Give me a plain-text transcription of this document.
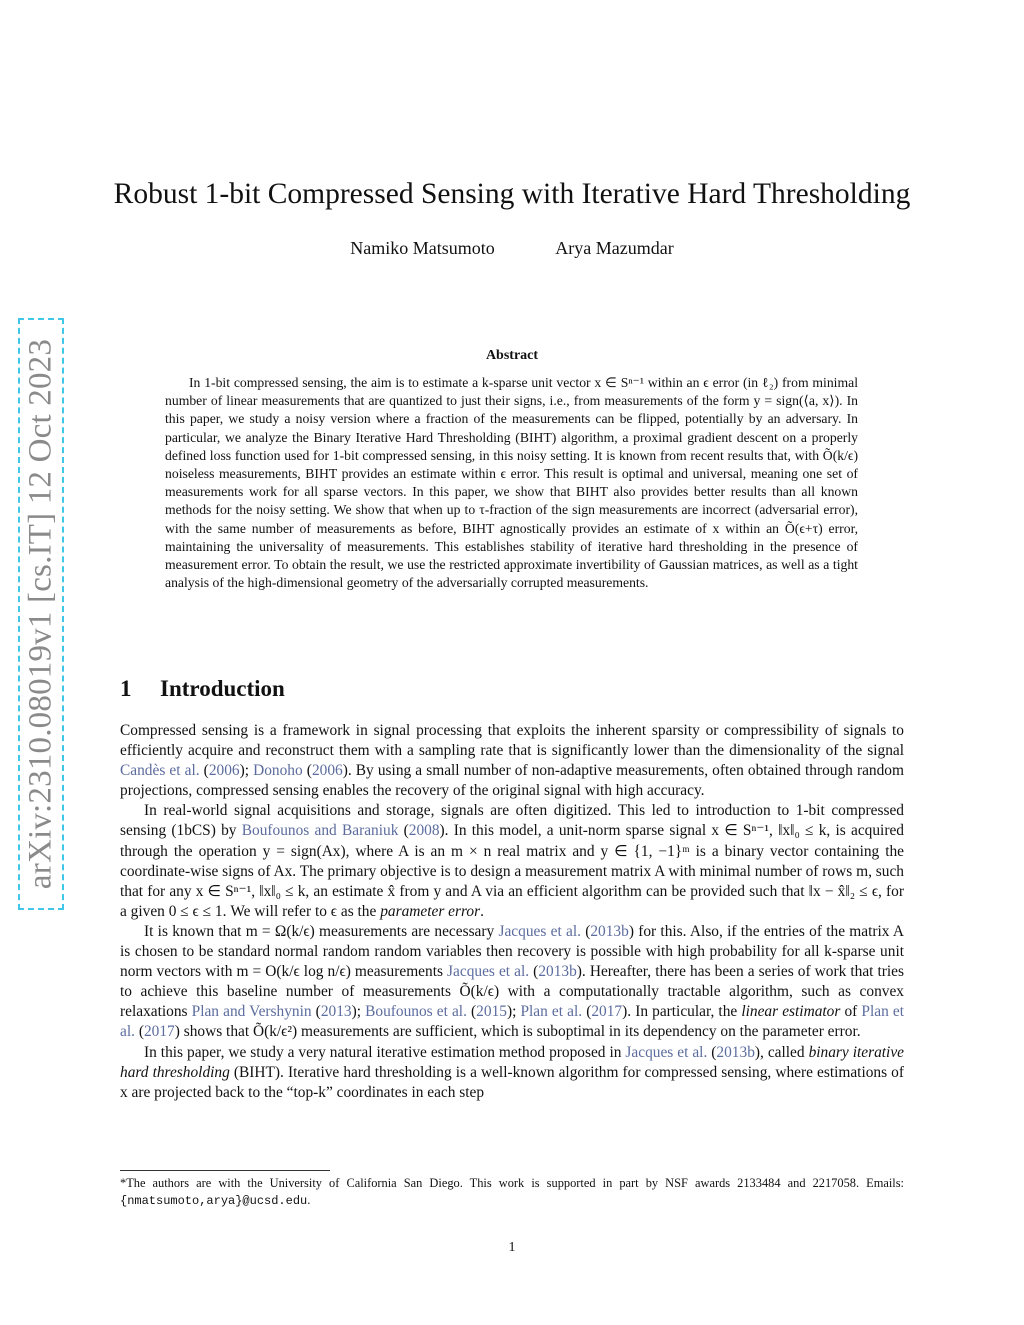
arXiv:2310.08019v1 [cs.IT] 12 Oct 2023
Robust 1-bit Compressed Sensing with Iterative Hard Thresholding
Namiko Matsumoto	Arya Mazumdar
Abstract

In 1-bit compressed sensing, the aim is to estimate a k-sparse unit vector x ∈ Sⁿ⁻¹ within an ϵ error (in ℓ₂) from minimal number of linear measurements that are quantized to just their signs, i.e., from measurements of the form y = sign(⟨a, x⟩). In this paper, we study a noisy version where a fraction of the measurements can be flipped, potentially by an adversary. In particular, we analyze the Binary Iterative Hard Thresholding (BIHT) algorithm, a proximal gradient descent on a properly defined loss function used for 1-bit compressed sensing, in this noisy setting. It is known from recent results that, with Õ(k/ϵ) noiseless measurements, BIHT provides an estimate within ϵ error. This result is optimal and universal, meaning one set of measurements work for all sparse vectors. In this paper, we show that BIHT also provides better results than all known methods for the noisy setting. We show that when up to τ-fraction of the sign measurements are incorrect (adversarial error), with the same number of measurements as before, BIHT agnostically provides an estimate of x within an Õ(ϵ+τ) error, maintaining the universality of measurements. This establishes stability of iterative hard thresholding in the presence of measurement error. To obtain the result, we use the restricted approximate invertibility of Gaussian matrices, as well as a tight analysis of the high-dimensional geometry of the adversarially corrupted measurements.

1 Introduction

Compressed sensing is a framework in signal processing that exploits the inherent sparsity or compressibility of signals to efficiently acquire and reconstruct them with a sampling rate that is significantly lower than the dimensionality of the signal Candès et al. (2006); Donoho (2006). By using a small number of non-adaptive measurements, often obtained through random projections, compressed sensing enables the recovery of the original signal with high accuracy.

In real-world signal acquisitions and storage, signals are often digitized. This led to introduction to 1-bit compressed sensing (1bCS) by Boufounos and Baraniuk (2008). In this model, a unit-norm sparse signal x ∈ Sⁿ⁻¹, ‖x‖₀ ≤ k, is acquired through the operation y = sign(Ax), where A is an m × n real matrix and y ∈ {1, −1}ᵐ is a binary vector containing the coordinate-wise signs of Ax. The primary objective is to design a measurement matrix A with minimal number of rows m, such that for any x ∈ Sⁿ⁻¹, ‖x‖₀ ≤ k, an estimate x̂ from y and A via an efficient algorithm can be provided such that ‖x − x̂‖₂ ≤ ϵ, for a given 0 ≤ ϵ ≤ 1. We will refer to ϵ as the parameter error.

It is known that m = Ω(k/ϵ) measurements are necessary Jacques et al. (2013b) for this. Also, if the entries of the matrix A is chosen to be standard normal random random variables then recovery is possible with high probability for all k-sparse unit norm vectors with m = O(k/ϵ log n/ϵ) measurements Jacques et al. (2013b). Hereafter, there has been a series of work that tries to achieve this baseline number of measurements Õ(k/ϵ) with a computationally tractable algorithm, such as convex relaxations Plan and Vershynin (2013); Boufounos et al. (2015); Plan et al. (2017). In particular, the linear estimator of Plan et al. (2017) shows that Õ(k/ϵ²) measurements are sufficient, which is suboptimal in its dependency on the parameter error.

In this paper, we study a very natural iterative estimation method proposed in Jacques et al. (2013b), called binary iterative hard thresholding (BIHT). Iterative hard thresholding is a well-known algorithm for compressed sensing, where estimations of x are projected back to the “top-k” coordinates in each step

*The authors are with the University of California San Diego. This work is supported in part by NSF awards 2133484 and 2217058. Emails: {nmatsumoto,arya}@ucsd.edu.

1
